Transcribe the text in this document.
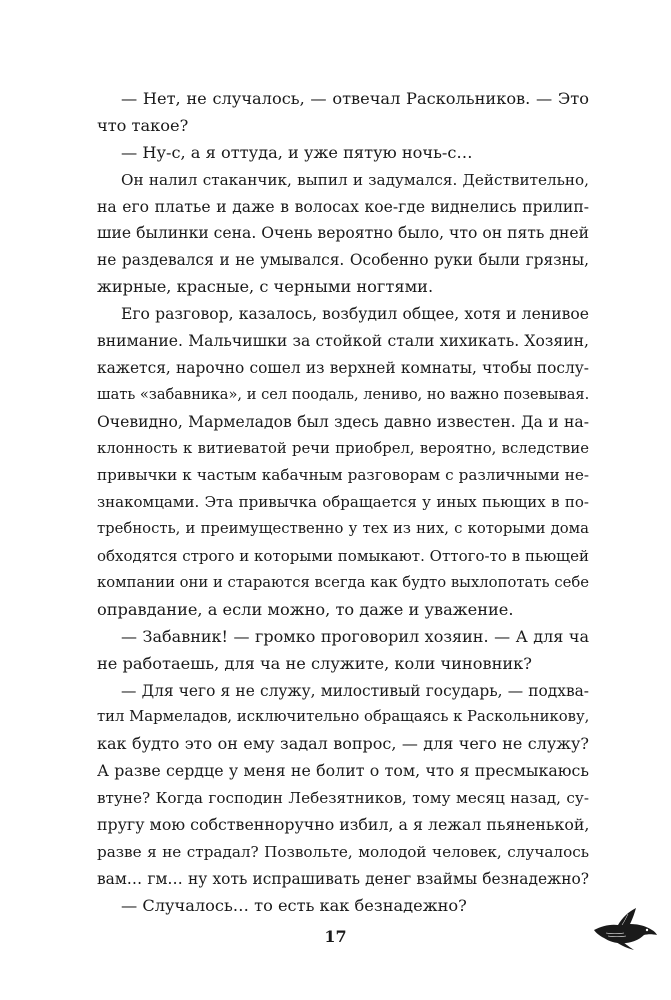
— Нет, не случалось, — отвечал Раскольников. — Это
что такое?
— Ну-с, а я оттуда, и уже пятую ночь-с…
Он налил стаканчик, выпил и задумался. Действительно,
на его платье и даже в волосах кое-где виднелись прилип-
шие былинки сена. Очень вероятно было, что он пять дней
не раздевался и не умывался. Особенно руки были грязны,
жирные, красные, с черными ногтями.
Его разговор, казалось, возбудил общее, хотя и ленивое
внимание. Мальчишки за стойкой стали хихикать. Хозяин,
кажется, нарочно сошел из верхней комнаты, чтобы послу-
шать «забавника», и сел поодаль, лениво, но важно позевывая.
Очевидно, Мармеладов был здесь давно известен. Да и на-
клонность к витиеватой речи приобрел, вероятно, вследствие
привычки к частым кабачным разговорам с различными не-
знакомцами. Эта привычка обращается у иных пьющих в по-
требность, и преимущественно у тех из них, с которыми дома
обходятся строго и которыми помыкают. Оттого-то в пьющей
компании они и стараются всегда как будто выхлопотать себе
оправдание, а если можно, то даже и уважение.
— Забавник! — громко проговорил хозяин. — А для ча
не работаешь, для ча не служите, коли чиновник?
— Для чего я не служу, милостивый государь, — подхва-
тил Мармеладов, исключительно обращаясь к Раскольникову,
как будто это он ему задал вопрос, — для чего не служу?
А разве сердце у меня не болит о том, что я пресмыкаюсь
втуне? Когда господин Лебезятников, тому месяц назад, су-
пругу мою собственноручно избил, а я лежал пьяненькой,
разве я не страдал? Позвольте, молодой человек, случалось
вам… гм… ну хоть испрашивать денег взаймы безнадежно?
— Случалось… то есть как безнадежно?
17
